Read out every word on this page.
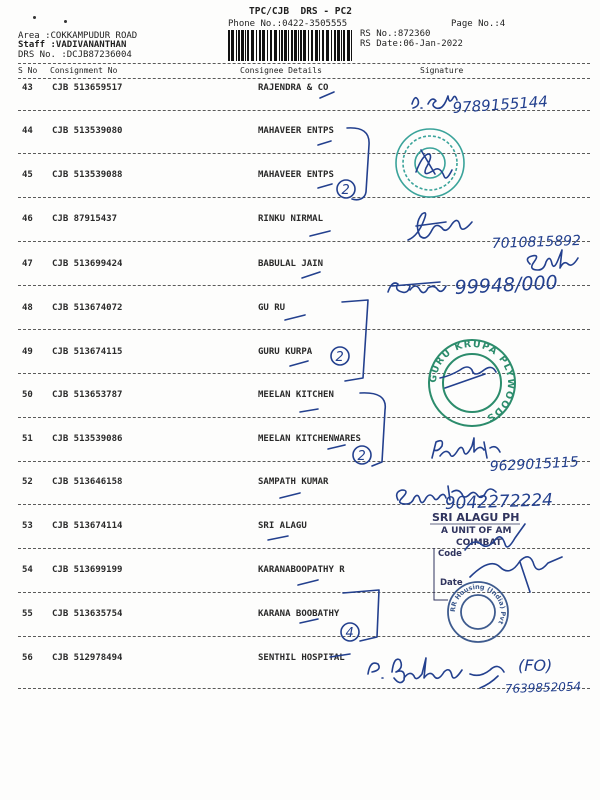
TPC/CJB  DRS - PC2
Phone No.:0422-3505555	Page No.:4
Area :COKKAMPUDUR ROAD
Staff :VADIVANANTHAN
DRS No. :DCJB87236004
RS No.:872360
RS Date:06-Jan-2022
S No Consignment No	Consignee Details	Signature
43 CJB 513659517	RAJENDRA & CO
44 CJB 513539080	MAHAVEER ENTPS
45 CJB 513539088	MAHAVEER ENTPS
46 CJB 87915437	RINKU NIRMAL
47 CJB 513699424	BABULAL JAIN
48 CJB 513674072	GU RU
49 CJB 513674115	GURU KURPA
50 CJB 513653787	MEELAN KITCHEN
51 CJB 513539086	MEELAN KITCHENWARES
52 CJB 513646158	SAMPATH KUMAR
53 CJB 513674114	SRI ALAGU
54 CJB 513699199	KARANABOOPATHY R
55 CJB 513635754	KARANA BOOBATHY
56 CJB 512978494	SENTHIL HOSPITAL
GURU KRUPA PLYWOODS
SRI ALAGU PH
A UNIT OF AM
COIMBAT
Code
Date
RR Housing (India) Pvt
2
2
2
4
9789155144
7010815892
99948/000
9629015115
9042272224
(FO)
7639852054
